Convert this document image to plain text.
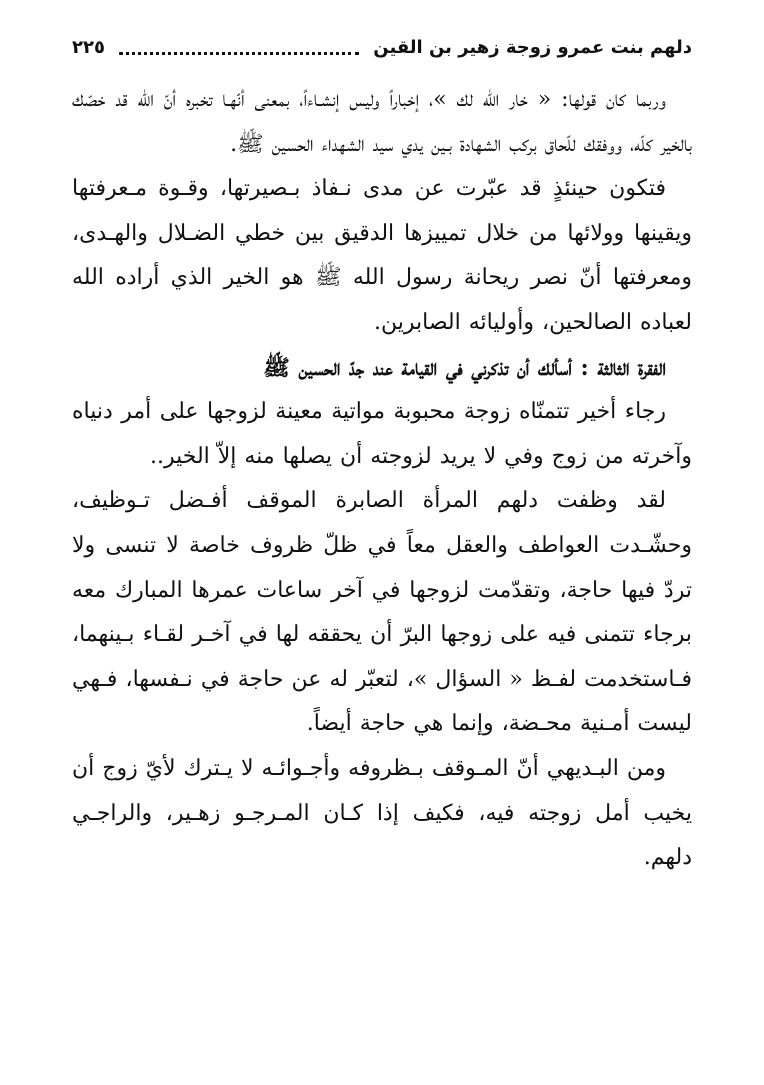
دلهم بنت عمرو زوجة زهير بن القين
٢٢٥

وربما كان قولها: « خار الله لك »، إخباراً وليس إنشـاءاً، بمعنى أنّهـا تخبره أنّ الله قد خصّك بالخير كلّه، ووفقك للّحاق بركب الشهادة بـين يدي سيد الشهداء الحسين ﷺ.

فتكون حينئذٍ قد عبّرت عن مدى نـفاذ بـصيرتها، وقـوة مـعرفتها ويقينها وولائها من خلال تمييزها الدقيق بين خطي الضـلال والهـدى، ومعرفتها أنّ نصر ريحانة رسول الله ﷺ هو الخير الذي أراده الله لعباده الصالحين، وأوليائه الصابرين.

الفقرة الثالثة : أسألك أن تذكرني في القيامة عند جدّ الحسين ﷺ

رجاء أخير تتمنّاه زوجة محبوبة مواتية معينة لزوجها على أمر دنياه وآخرته من زوج وفي لا يريد لزوجته أن يصلها منه إلاّ الخير..

لقد وظفت دلهم المرأة الصابرة الموقف أفـضل تـوظيف، وحشّـدت العواطف والعقل معاً في ظلّ ظروف خاصة لا تنسى ولا تردّ فيها حاجة، وتقدّمت لزوجها في آخر ساعات عمرها المبارك معه برجاء تتمنى فيه على زوجها البرّ أن يحققه لها في آخـر لقـاء بـينهما، فـاستخدمت لفـظ « السؤال »، لتعبّر له عن حاجة في نـفسها، فـهي ليست أمـنية محـضة، وإنما هي حاجة أيضاً.

ومن البـديهي أنّ المـوقف بـظروفه وأجـوائـه لا يـترك لأيّ زوج أن يخيب أمل زوجته فيه، فكيف إذا كـان المـرجـو زهـير، والراجـي دلهم.
